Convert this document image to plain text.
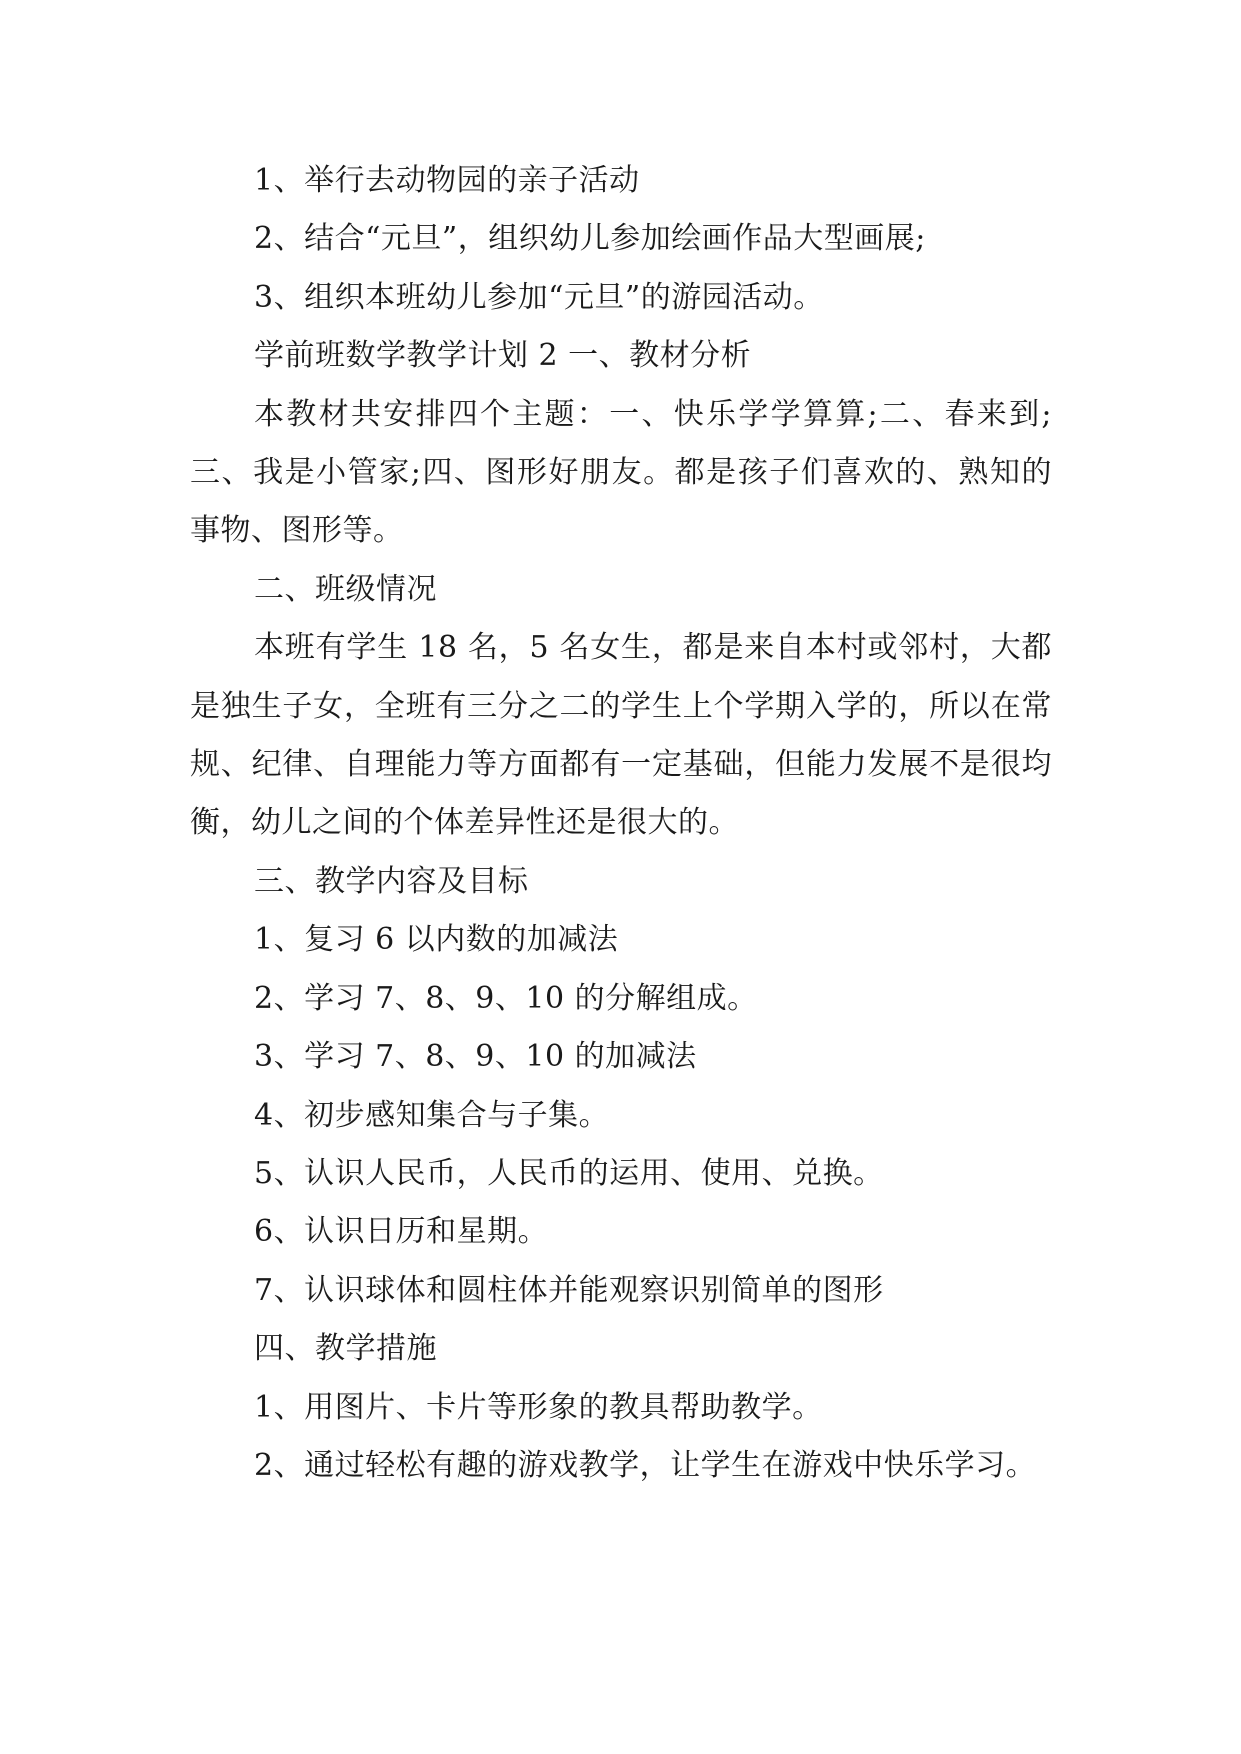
1、举行去动物园的亲子活动

2、结合“元旦”，组织幼儿参加绘画作品大型画展;

3、组织本班幼儿参加“元旦”的游园活动。

学前班数学教学计划 2 一、教材分析

本教材共安排四个主题：一、快乐学学算算;二、春来到;三、我是小管家;四、图形好朋友。都是孩子们喜欢的、熟知的事物、图形等。

二、班级情况

本班有学生 18 名，5 名女生，都是来自本村或邻村，大都是独生子女，全班有三分之二的学生上个学期入学的，所以在常规、纪律、自理能力等方面都有一定基础，但能力发展不是很均衡，幼儿之间的个体差异性还是很大的。

三、教学内容及目标

1、复习 6 以内数的加减法

2、学习 7、8、9、10 的分解组成。

3、学习 7、8、9、10 的加减法

4、初步感知集合与子集。

5、认识人民币，人民币的运用、使用、兑换。

6、认识日历和星期。

7、认识球体和圆柱体并能观察识别简单的图形

四、教学措施

1、用图片、卡片等形象的教具帮助教学。

2、通过轻松有趣的游戏教学，让学生在游戏中快乐学习。
